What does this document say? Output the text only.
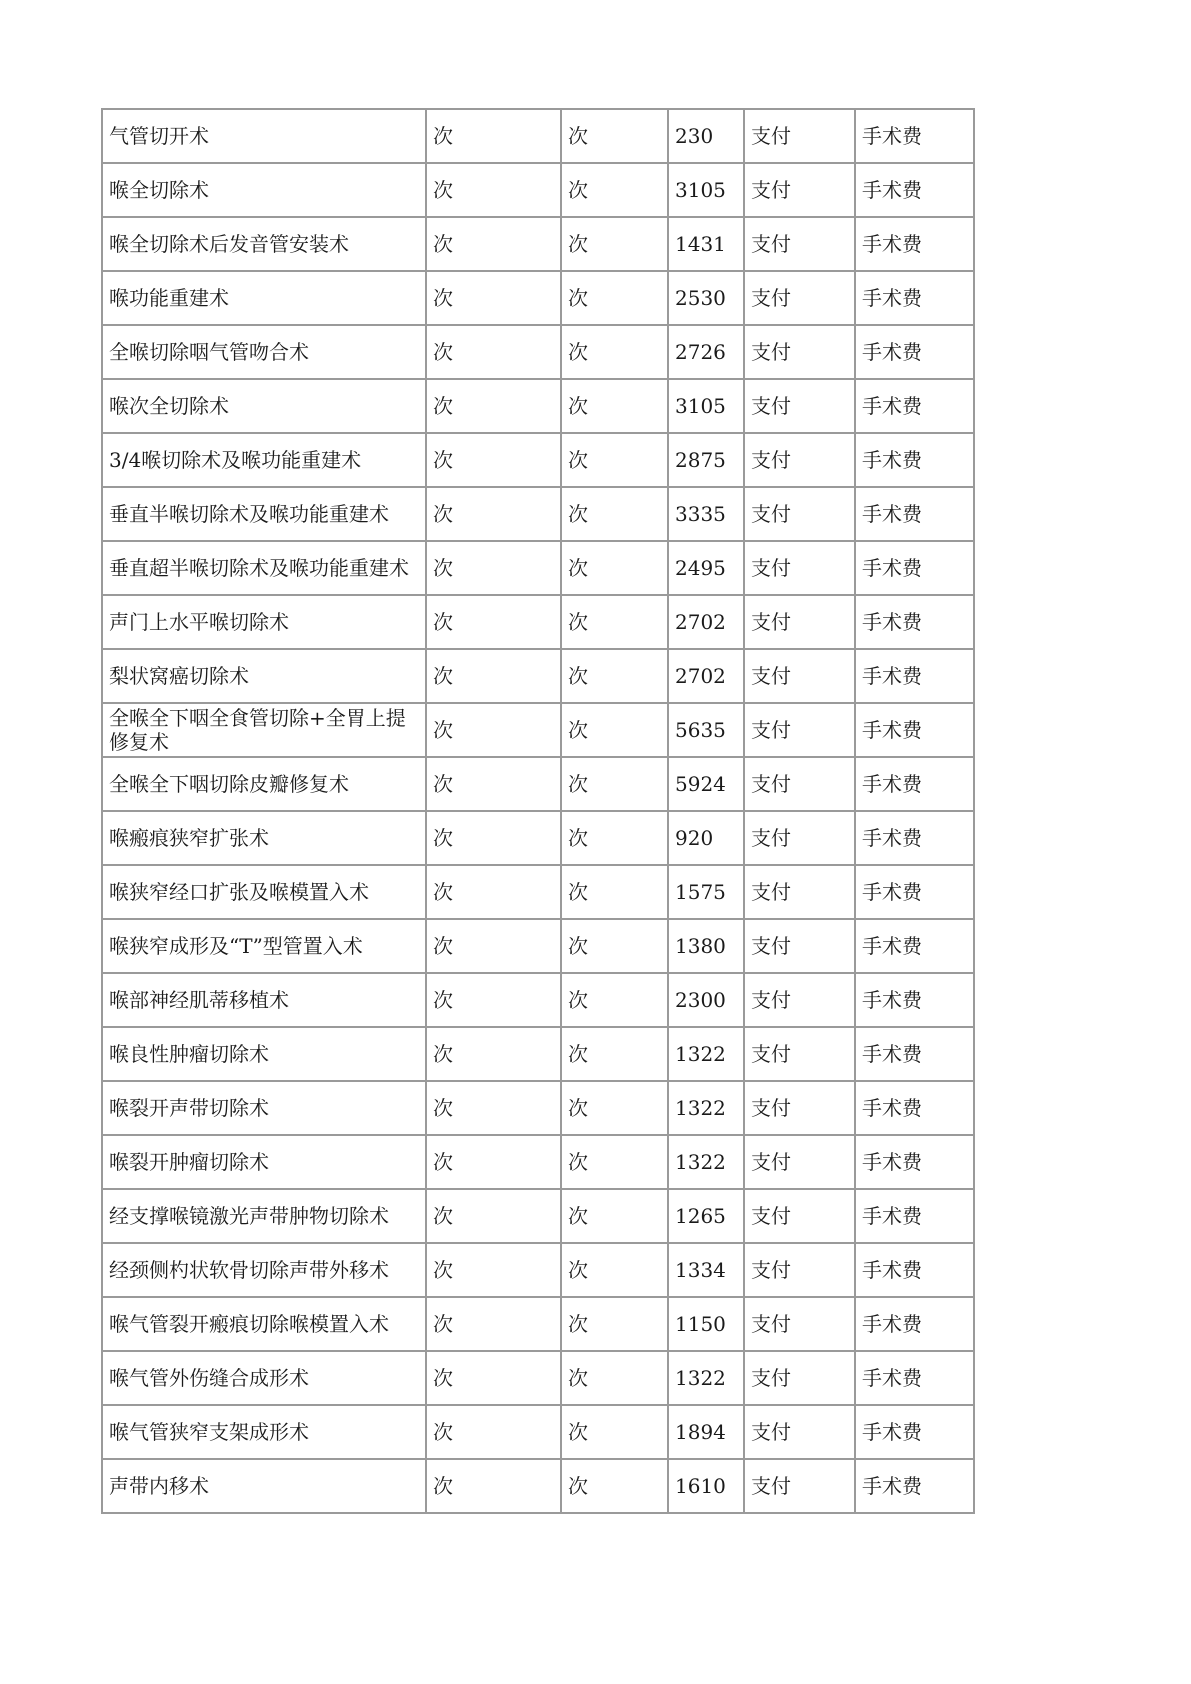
气管切开术	次	次	230	支付	手术费
喉全切除术	次	次	3105	支付	手术费
喉全切除术后发音管安装术	次	次	1431	支付	手术费
喉功能重建术	次	次	2530	支付	手术费
全喉切除咽气管吻合术	次	次	2726	支付	手术费
喉次全切除术	次	次	3105	支付	手术费
3/4喉切除术及喉功能重建术	次	次	2875	支付	手术费
垂直半喉切除术及喉功能重建术	次	次	3335	支付	手术费
垂直超半喉切除术及喉功能重建术	次	次	2495	支付	手术费
声门上水平喉切除术	次	次	2702	支付	手术费
梨状窝癌切除术	次	次	2702	支付	手术费
全喉全下咽全食管切除+全胃上提修复术	次	次	5635	支付	手术费
全喉全下咽切除皮瓣修复术	次	次	5924	支付	手术费
喉瘢痕狭窄扩张术	次	次	920	支付	手术费
喉狭窄经口扩张及喉模置入术	次	次	1575	支付	手术费
喉狭窄成形及“T”型管置入术	次	次	1380	支付	手术费
喉部神经肌蒂移植术	次	次	2300	支付	手术费
喉良性肿瘤切除术	次	次	1322	支付	手术费
喉裂开声带切除术	次	次	1322	支付	手术费
喉裂开肿瘤切除术	次	次	1322	支付	手术费
经支撑喉镜激光声带肿物切除术	次	次	1265	支付	手术费
经颈侧杓状软骨切除声带外移术	次	次	1334	支付	手术费
喉气管裂开瘢痕切除喉模置入术	次	次	1150	支付	手术费
喉气管外伤缝合成形术	次	次	1322	支付	手术费
喉气管狭窄支架成形术	次	次	1894	支付	手术费
声带内移术	次	次	1610	支付	手术费
